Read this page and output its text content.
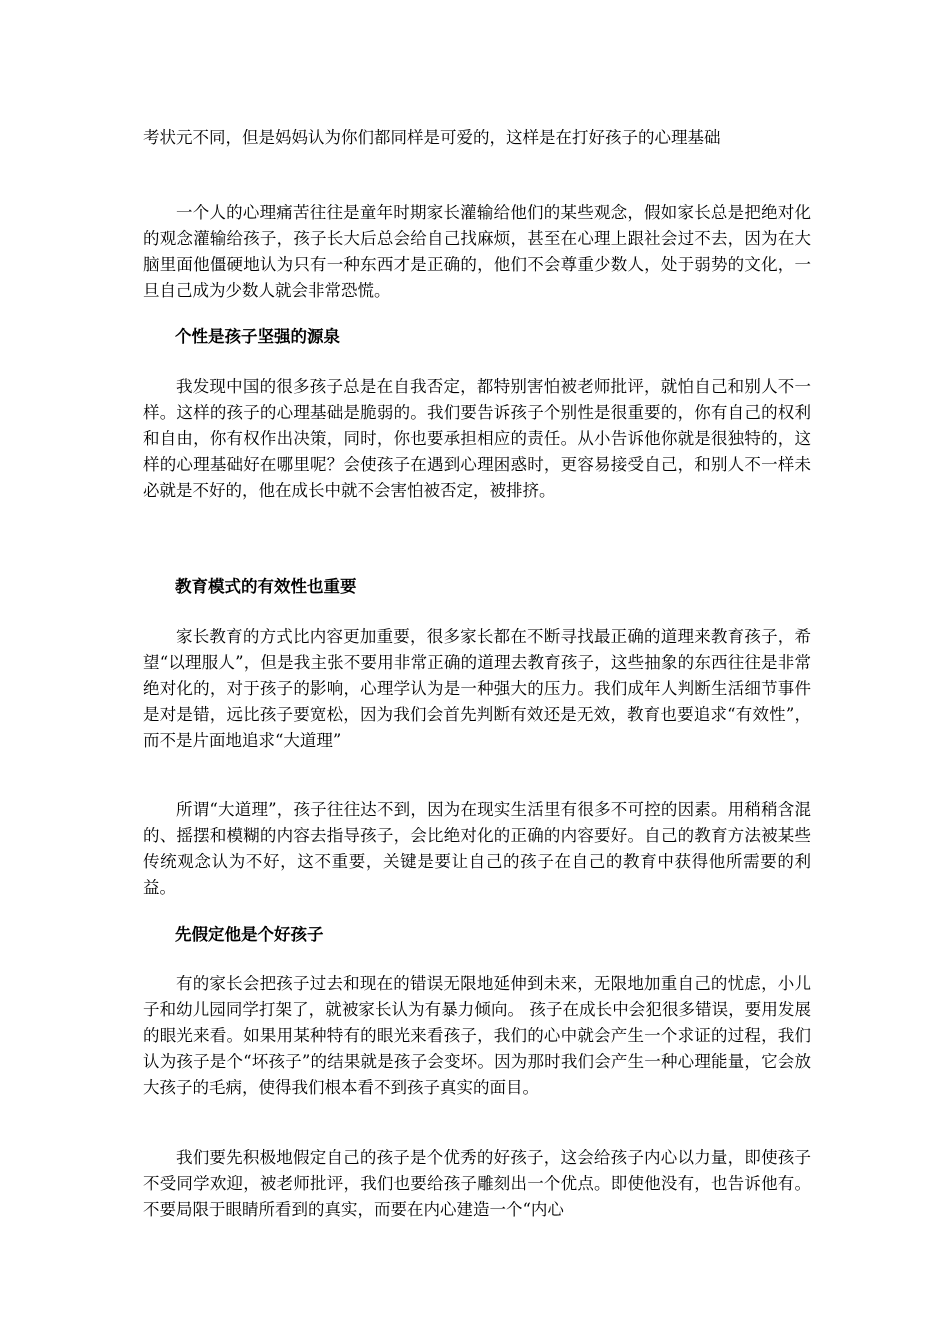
考状元不同，但是妈妈认为你们都同样是可爱的，这样是在打好孩子的心理基础

一个人的心理痛苦往往是童年时期家长灌输给他们的某些观念，假如家长总是把绝对化的观念灌输给孩子，孩子长大后总会给自己找麻烦，甚至在心理上跟社会过不去，因为在大脑里面他僵硬地认为只有一种东西才是正确的，他们不会尊重少数人，处于弱势的文化，一旦自己成为少数人就会非常恐慌。

个性是孩子坚强的源泉

我发现中国的很多孩子总是在自我否定，都特别害怕被老师批评，就怕自己和别人不一样。这样的孩子的心理基础是脆弱的。我们要告诉孩子个别性是很重要的，你有自己的权利和自由，你有权作出决策，同时，你也要承担相应的责任。从小告诉他你就是很独特的，这样的心理基础好在哪里呢？会使孩子在遇到心理困惑时，更容易接受自己，和别人不一样未必就是不好的，他在成长中就不会害怕被否定，被排挤。

教育模式的有效性也重要

家长教育的方式比内容更加重要，很多家长都在不断寻找最正确的道理来教育孩子，希望“以理服人”，但是我主张不要用非常正确的道理去教育孩子，这些抽象的东西往往是非常绝对化的，对于孩子的影响，心理学认为是一种强大的压力。我们成年人判断生活细节事件是对是错，远比孩子要宽松，因为我们会首先判断有效还是无效，教育也要追求“有效性”，而不是片面地追求“大道理”

所谓“大道理”，孩子往往达不到，因为在现实生活里有很多不可控的因素。用稍稍含混的、摇摆和模糊的内容去指导孩子，会比绝对化的正确的内容要好。自己的教育方法被某些传统观念认为不好，这不重要，关键是要让自己的孩子在自己的教育中获得他所需要的利益。

先假定他是个好孩子

有的家长会把孩子过去和现在的错误无限地延伸到未来，无限地加重自己的忧虑，小儿子和幼儿园同学打架了，就被家长认为有暴力倾向。 孩子在成长中会犯很多错误，要用发展的眼光来看。如果用某种特有的眼光来看孩子，我们的心中就会产生一个求证的过程，我们认为孩子是个“坏孩子”的结果就是孩子会变坏。因为那时我们会产生一种心理能量，它会放大孩子的毛病，使得我们根本看不到孩子真实的面目。

我们要先积极地假定自己的孩子是个优秀的好孩子，这会给孩子内心以力量，即使孩子不受同学欢迎，被老师批评，我们也要给孩子雕刻出一个优点。即使他没有，也告诉他有。不要局限于眼睛所看到的真实，而要在内心建造一个“内心
